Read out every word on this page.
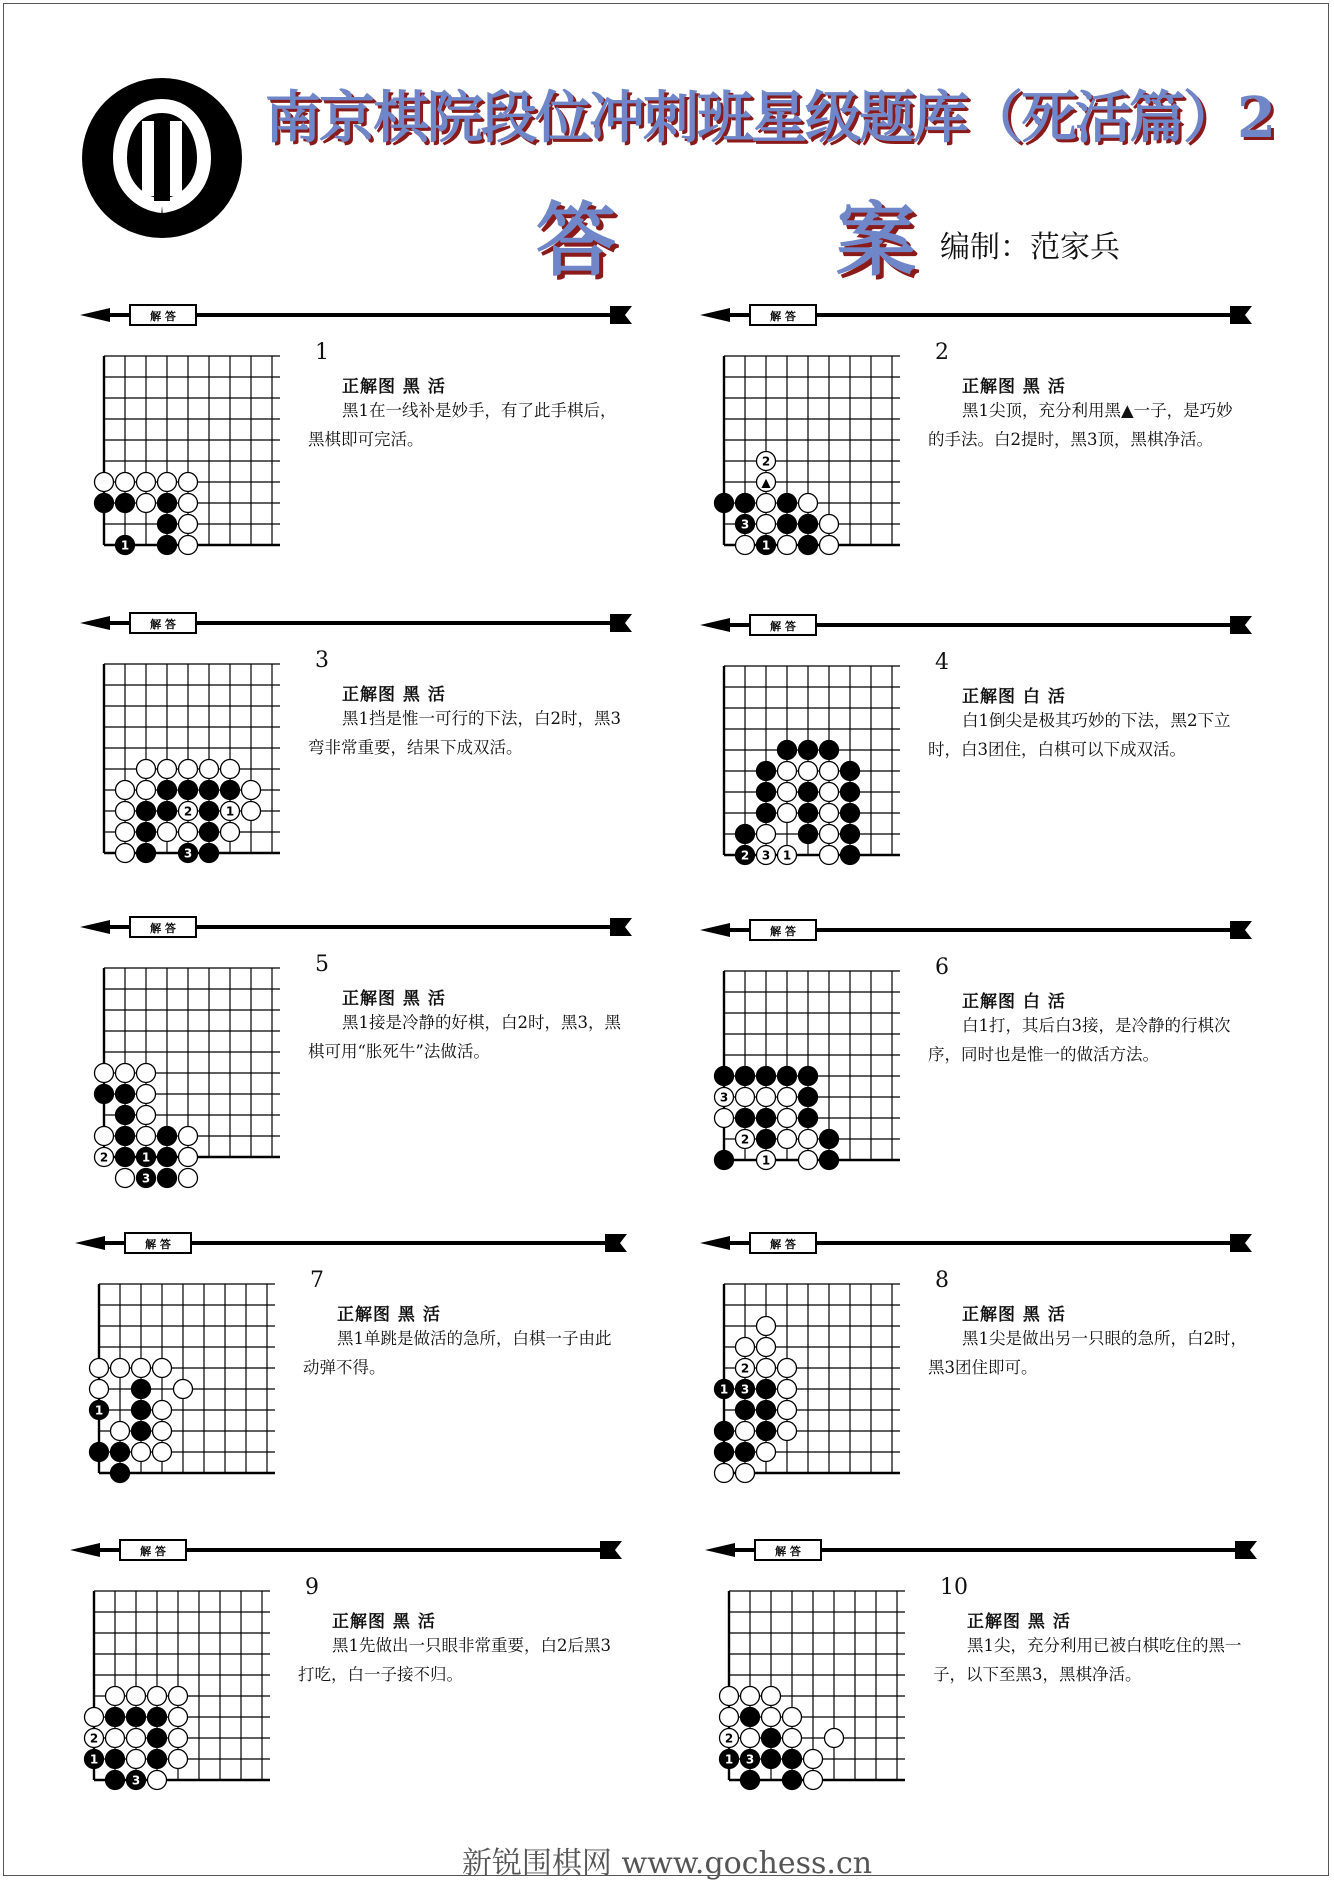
南京棋院段位冲刺班星级题库（死活篇）2
答　案
编制：范家兵
解 答
1
1
正解图 黑 活
黑1在一线补是妙手，有了此手棋后，黑棋即可完活。
解 答
2
▲
3
1
2
正解图 黑 活
黑1尖顶，充分利用黑▲一子，是巧妙的手法。白2提时，黑3顶，黑棋净活。
解 答
2	1
3
3
正解图 黑 活
黑1挡是惟一可行的下法，白2时，黑3弯非常重要，结果下成双活。
解 答
2 3 1
4
正解图 白 活
白1倒尖是极其巧妙的下法，黑2下立时，白3团住，白棋可以下成双活。
解 答
2	1
3
5
正解图 黑 活
黑1接是冷静的好棋，白2时，黑3，黑棋可用“胀死牛”法做活。
解 答
3
2
1
6
正解图 白 活
白1打，其后白3接，是冷静的行棋次序，同时也是惟一的做活方法。
解 答
1
7
正解图 黑 活
黑1单跳是做活的急所，白棋一子由此动弹不得。
解 答
2
1 3
8
正解图 黑 活
黑1尖是做出另一只眼的急所，白2时，黑3团住即可。
解 答
2
1
3
9
正解图 黑 活
黑1先做出一只眼非常重要，白2后黑3打吃，白一子接不归。
解 答
2
1 3
10
正解图 黑 活
黑1尖，充分利用已被白棋吃住的黑一子，以下至黑3，黑棋净活。
新锐围棋网 www.gochess.cn
